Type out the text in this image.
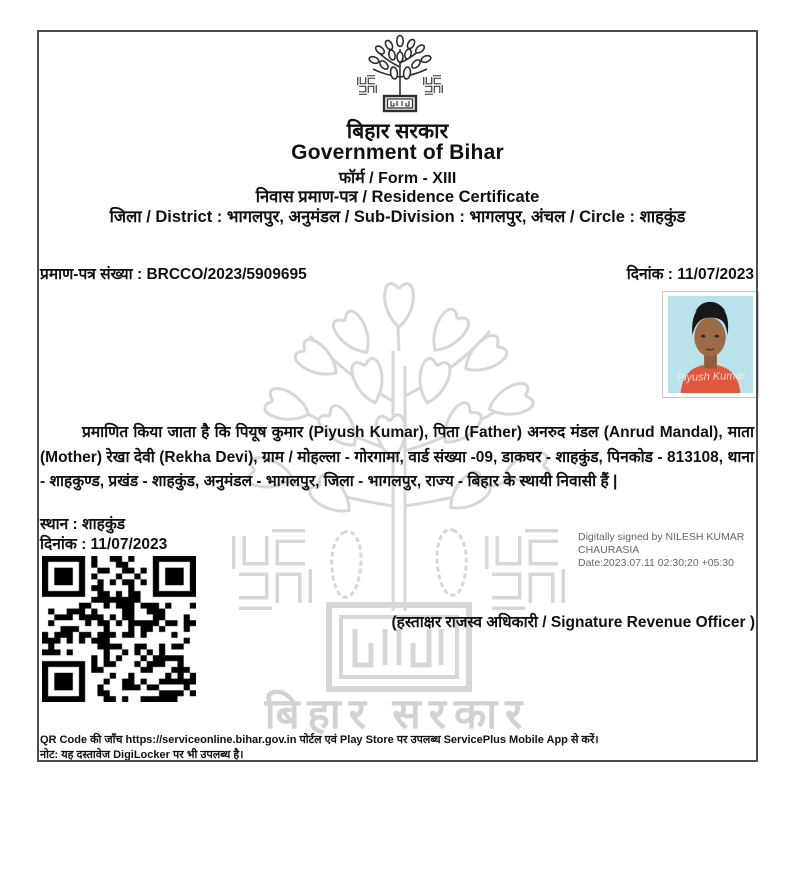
बिहार सरकार
बिहार सरकार
Government of Bihar
फॉर्म / Form - XIII
निवास प्रमाण-पत्र / Residence Certificate
जिला / District : भागलपुर, अनुमंडल / Sub-Division : भागलपुर, अंचल / Circle : शाहकुंड
प्रमाण-पत्र संख्या : BRCCO/2023/5909695	दिनांक : 11/07/2023
Piyush Kumar
प्रमाणित किया जाता है कि पियूष कुमार (Piyush Kumar), पिता (Father) अनरुद मंडल (Anrud Mandal), माता (Mother) रेखा देवी (Rekha Devi), ग्राम / मोहल्ला - गोरगामा, वार्ड संख्या -09, डाकघर - शाहकुंड, पिनकोड - 813108, थाना - शाहकुण्ड, प्रखंड - शाहकुंड, अनुमंडल - भागलपुर, जिला - भागलपुर, राज्य - बिहार के स्थायी निवासी हैं |
स्थान : शाहकुंड
दिनांक : 11/07/2023	Digitally signed by NILESH KUMAR CHAURASIA
Date:2023.07.11 02:30:20 +05:30
(हस्ताक्षर राजस्व अधिकारी / Signature Revenue Officer )
QR Code की जाँच https://serviceonline.bihar.gov.in पोर्टल एवं Play Store पर उपलब्ध ServicePlus Mobile App से करें।
नोट: यह दस्तावेज DigiLocker पर भी उपलब्ध है।
